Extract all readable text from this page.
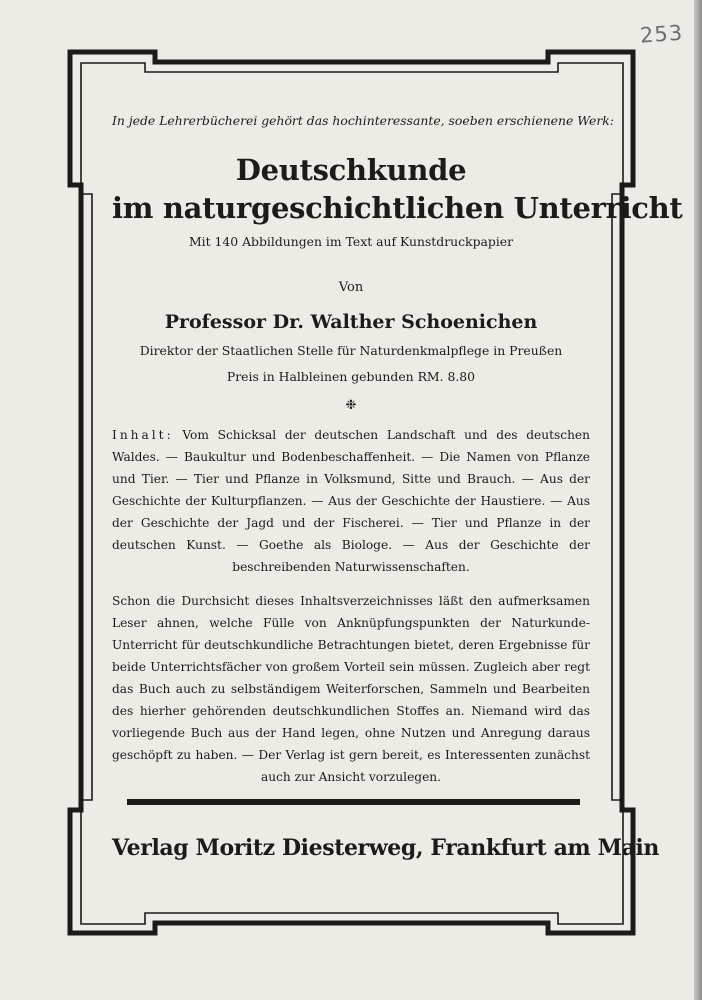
253
In jede Lehrerbücherei gehört das hochinteressante, soeben erschienene Werk:
Deutschkunde
im naturgeschichtlichen Unterricht
Mit 140 Abbildungen im Text auf Kunstdruckpapier
Von
Professor Dr. Walther Schoenichen
Direktor der Staatlichen Stelle für Naturdenkmalpflege in Preußen
Preis in Halbleinen gebunden RM. 8.80
❉
Inhalt: Vom Schicksal der deutschen Landschaft und des deutschen Waldes. — Baukultur und Bodenbeschaffenheit. — Die Namen von Pflanze und Tier. — Tier und Pflanze in Volksmund, Sitte und Brauch. — Aus der Geschichte der Kulturpflanzen. — Aus der Geschichte der Haustiere. — Aus der Geschichte der Jagd und der Fischerei. — Tier und Pflanze in der deutschen Kunst. — Goethe als Biologe. — Aus der Geschichte der beschreibenden Naturwissenschaften.
Schon die Durchsicht dieses Inhaltsverzeichnisses läßt den aufmerksamen Leser ahnen, welche Fülle von Anknüpfungspunkten der Naturkunde-Unterricht für deutschkundliche Betrachtungen bietet, deren Ergebnisse für beide Unterrichtsfächer von großem Vorteil sein müssen. Zugleich aber regt das Buch auch zu selbständigem Weiterforschen, Sammeln und Bearbeiten des hierher gehörenden deutschkundlichen Stoffes an. Niemand wird das vorliegende Buch aus der Hand legen, ohne Nutzen und Anregung daraus geschöpft zu haben. — Der Verlag ist gern bereit, es Interessenten zunächst auch zur Ansicht vorzulegen.
Verlag Moritz Diesterweg, Frankfurt am Main
